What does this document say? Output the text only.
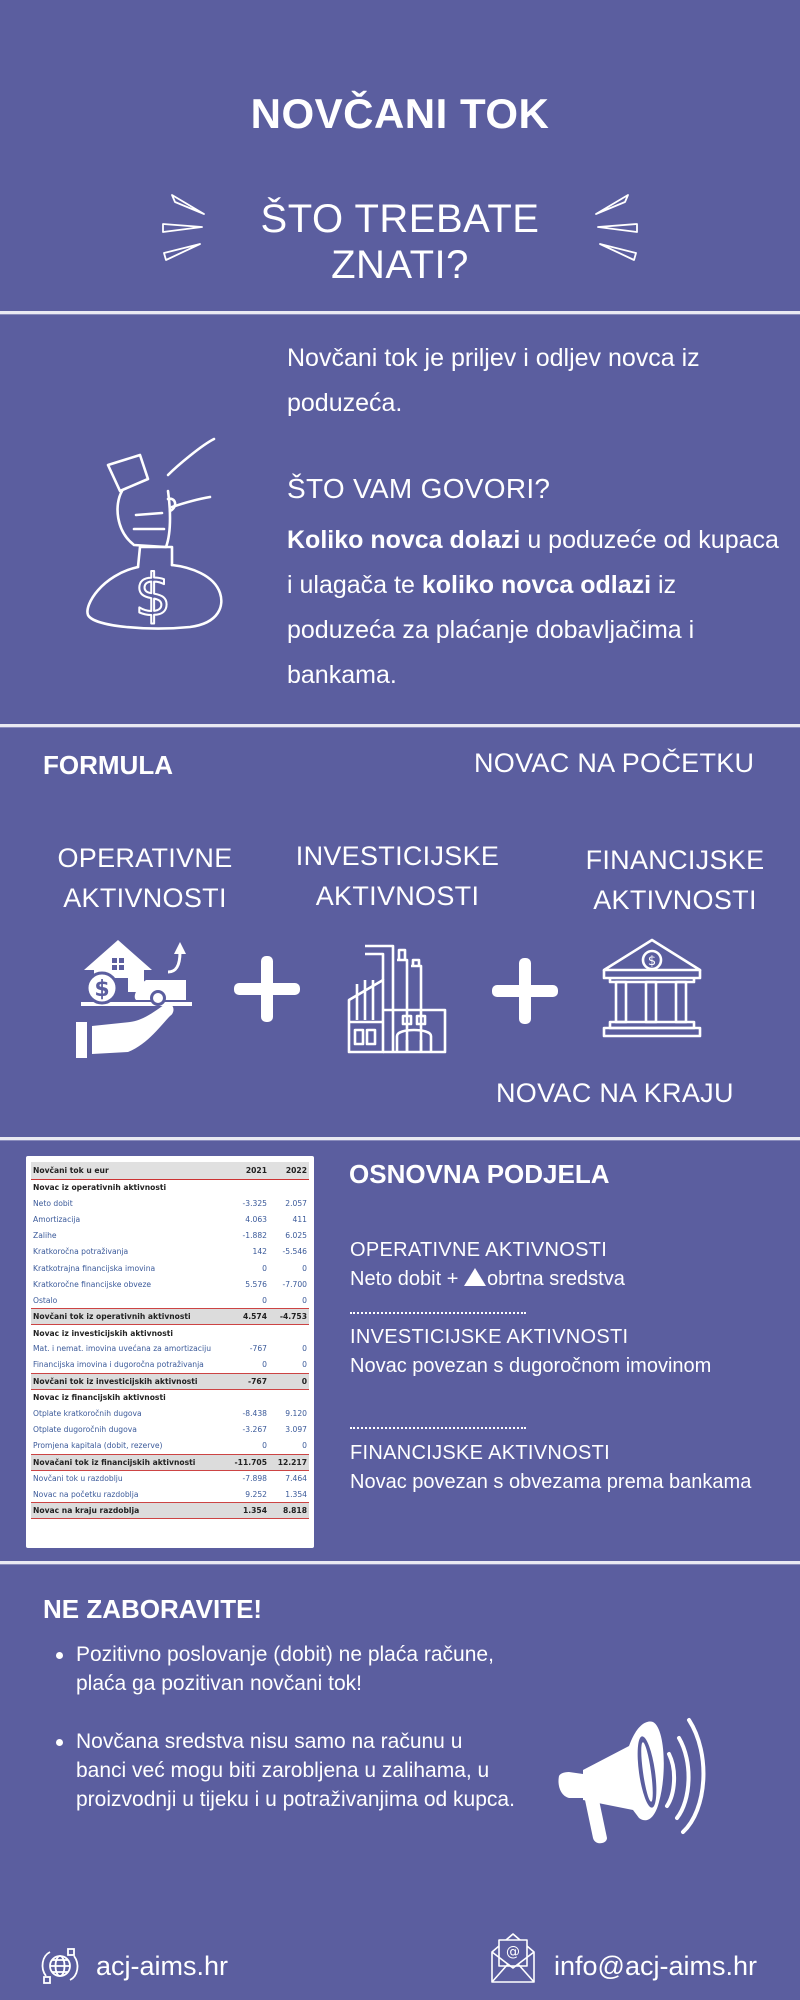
NOVČANI TOK
ŠTO TREBATE
ZNATI?
$
Novčani tok je priljev i odljev novca iz poduzeća.
ŠTO VAM GOVORI?
Koliko novca dolazi u poduzeće od kupaca i ulagača te koliko novca odlazi iz poduzeća za plaćanje dobavljačima i bankama.
FORMULA	NOVAC NA POČETKU
OPERATIVNE
AKTIVNOSTI
INVESTICIJSKE
AKTIVNOSTI
FINANCIJSKE
AKTIVNOSTI
$
$
NOVAC NA KRAJU
Novčani tok u eur	2021	2022
Novac iz operativnih aktivnosti		
Neto dobit	-3.325	2.057
Amortizacija	4.063	411
Zalihe	-1.882	6.025
Kratkoročna potraživanja	142	-5.546
Kratkotrajna financijska imovina	0	0
Kratkoročne financijske obveze	5.576	-7.700
Ostalo	0	0
Novčani tok iz operativnih aktivnosti	4.574	-4.753
Novac iz investicijskih aktivnosti		
Mat. i nemat. imovina uvećana za amortizaciju	-767	0
Financijska imovina i dugoročna potraživanja	0	0
Novčani tok iz investicijskih aktivnosti	-767	0
Novac iz financijskih aktivnosti		
Otplate kratkoročnih dugova	-8.438	9.120
Otplate dugoročnih dugova	-3.267	3.097
Promjena kapitala (dobit, rezerve)	0	0
Novačani tok iz financijskih aktivnosti	-11.705	12.217
Novčani tok u razdoblju	-7.898	7.464
Novac na početku razdoblja	9.252	1.354
Novac na kraju razdoblja	1.354	8.818
OSNOVNA PODJELA
OPERATIVNE AKTIVNOSTI
Neto dobit + obrtna sredstva
INVESTICIJSKE AKTIVNOSTI
Novac povezan s dugoročnom imovinom
FINANCIJSKE AKTIVNOSTI
Novac povezan s obvezama prema bankama
NE ZABORAVITE!
Pozitivno poslovanje (dobit) ne plaća račune, plaća ga pozitivan novčani tok!
Novčana sredstva nisu samo na računu u banci već mogu biti zarobljena u zalihama, u proizvodnji u tijeku i u potraživanjima od kupca.
acj-aims.hr	@ info@acj-aims.hr
